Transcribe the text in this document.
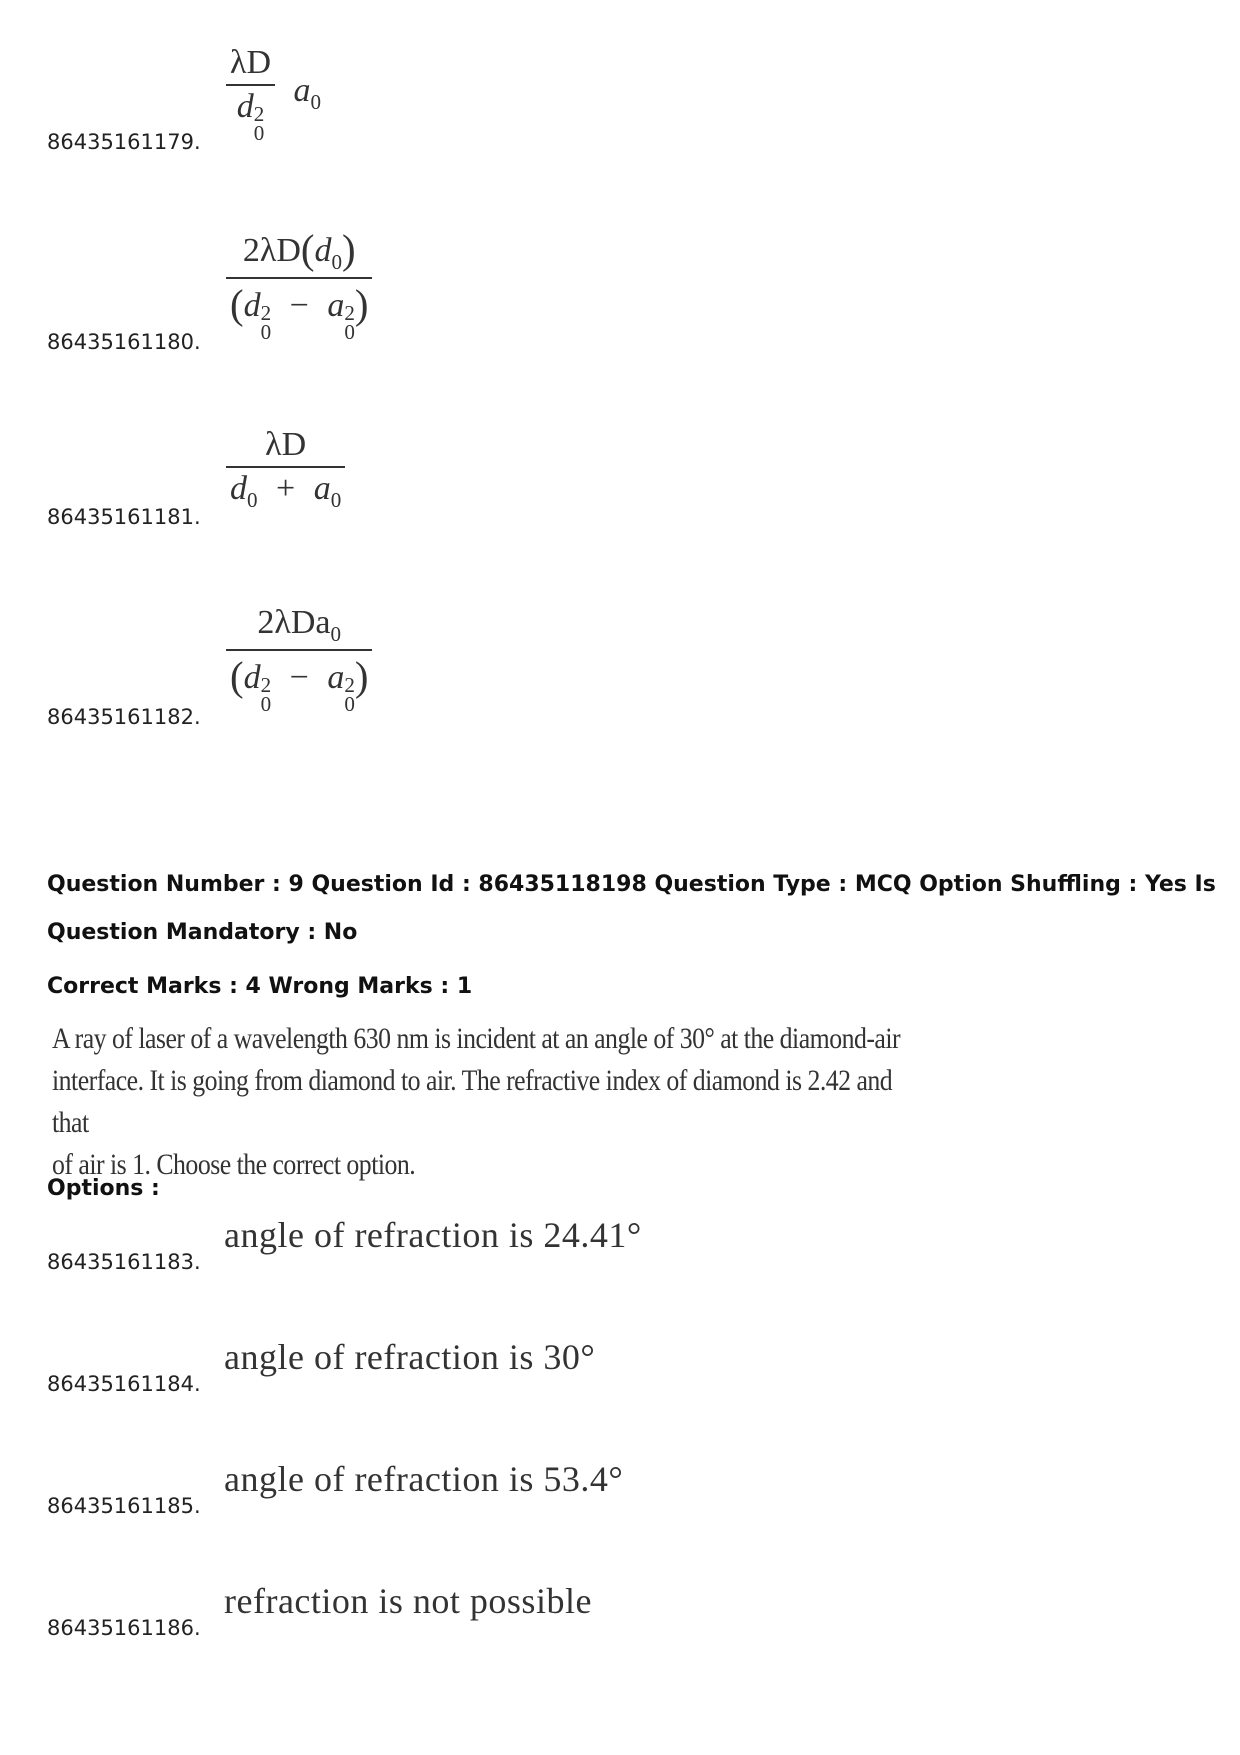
86435161179. λD
d 2
0 $a_0$
86435161180.
$2\lambda D(d_0)$
(d 2
0
− a 2
0
)
86435161181.
$\frac{\lambda D}{d_0 + a_0}$
86435161182.
2λDa$_0$
(d 2
0
− a 2
0
)
Question Number : 9 Question Id : 86435118198 Question Type : MCQ Option Shuffling : Yes Is
Question Mandatory : No
Correct Marks : 4 Wrong Marks : 1
A ray of laser of a wavelength 630 nm is incident at an angle of 30° at the diamond-air
interface. It is going from diamond to air. The refractive index of diamond is 2.42 and that
of air is 1. Choose the correct option.
Options :
86435161183.
angle of refraction is 24.41°
86435161184.
angle of refraction is 30°
86435161185.
angle of refraction is 53.4°
86435161186.
refraction is not possible
